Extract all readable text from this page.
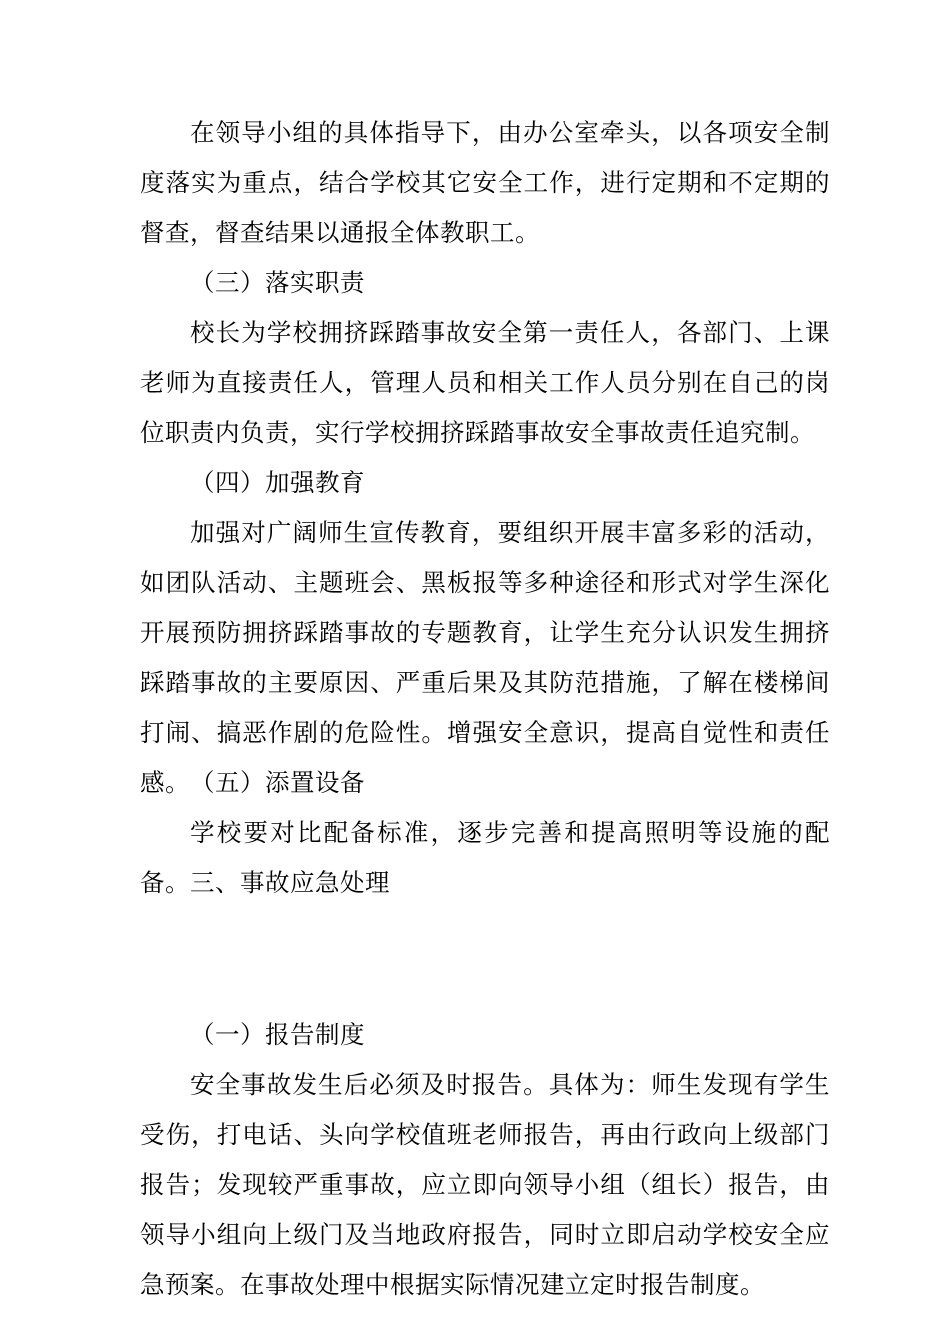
在领导小组的具体指导下，由办公室牵头，以各项安全制度落实为重点，结合学校其它安全工作，进行定期和不定期的督查，督查结果以通报全体教职工。

（三）落实职责

校长为学校拥挤踩踏事故安全第一责任人，各部门、上课老师为直接责任人，管理人员和相关工作人员分别在自己的岗位职责内负责，实行学校拥挤踩踏事故安全事故责任追究制。

（四）加强教育

加强对广阔师生宣传教育，要组织开展丰富多彩的活动，如团队活动、主题班会、黑板报等多种途径和形式对学生深化开展预防拥挤踩踏事故的专题教育，让学生充分认识发生拥挤踩踏事故的主要原因、严重后果及其防范措施，了解在楼梯间打闹、搞恶作剧的危险性。增强安全意识，提高自觉性和责任感。 （五）添置设备

学校要对比配备标准，逐步完善和提高照明等设施的配备。 三、事故应急处理

（一）报告制度

安全事故发生后必须及时报告。具体为：师生发现有学生受伤，打电话、头向学校值班老师报告，再由行政向上级部门报告；发现较严重事故，应立即向领导小组（组长）报告，由领导小组向上级门及当地政府报告，同时立即启动学校安全应急预案。在事故处理中根据实际情况建立定时报告制度。
